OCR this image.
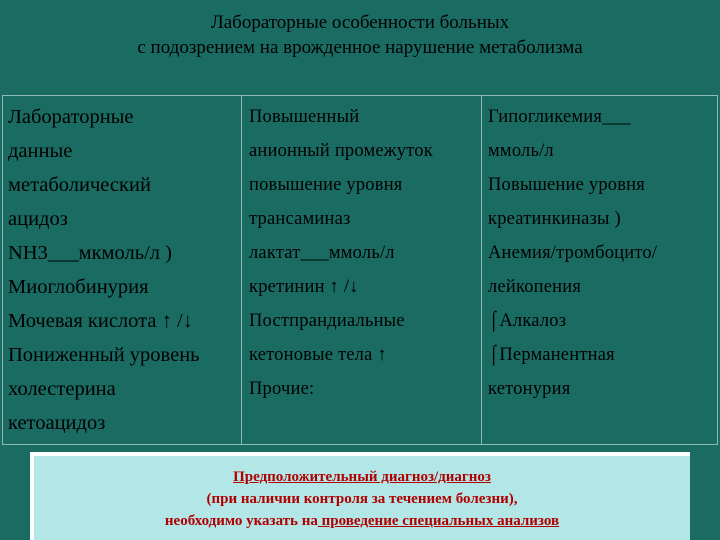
Лабораторные особенности больных
с подозрением на врожденное нарушение метаболизма
Лабораторные
данные
метаболический
ацидоз
NH3___мкмоль/л )
Миоглобинурия
Мочевая кислота ↑ /↓
Пониженный уровень
холестерина
кетоацидоз
Повышенный
анионный промежуток
повышение уровня
трансаминаз
лактат___ммоль/л
кретинин ↑ /↓
Постпрандиальные
кетоновые тела ↑
Прочие:
Гипогликемия___
ммоль/л
Повышение уровня
креатинкиназы )
Анемия/тромбоцито/
лейкопения
⌠Алкалоз
⌠Перманентная
кетонурия
Предположительный диагноз/диагноз
(при наличии контроля за течением болезни),
необходимо указать на проведение специальных анализов
